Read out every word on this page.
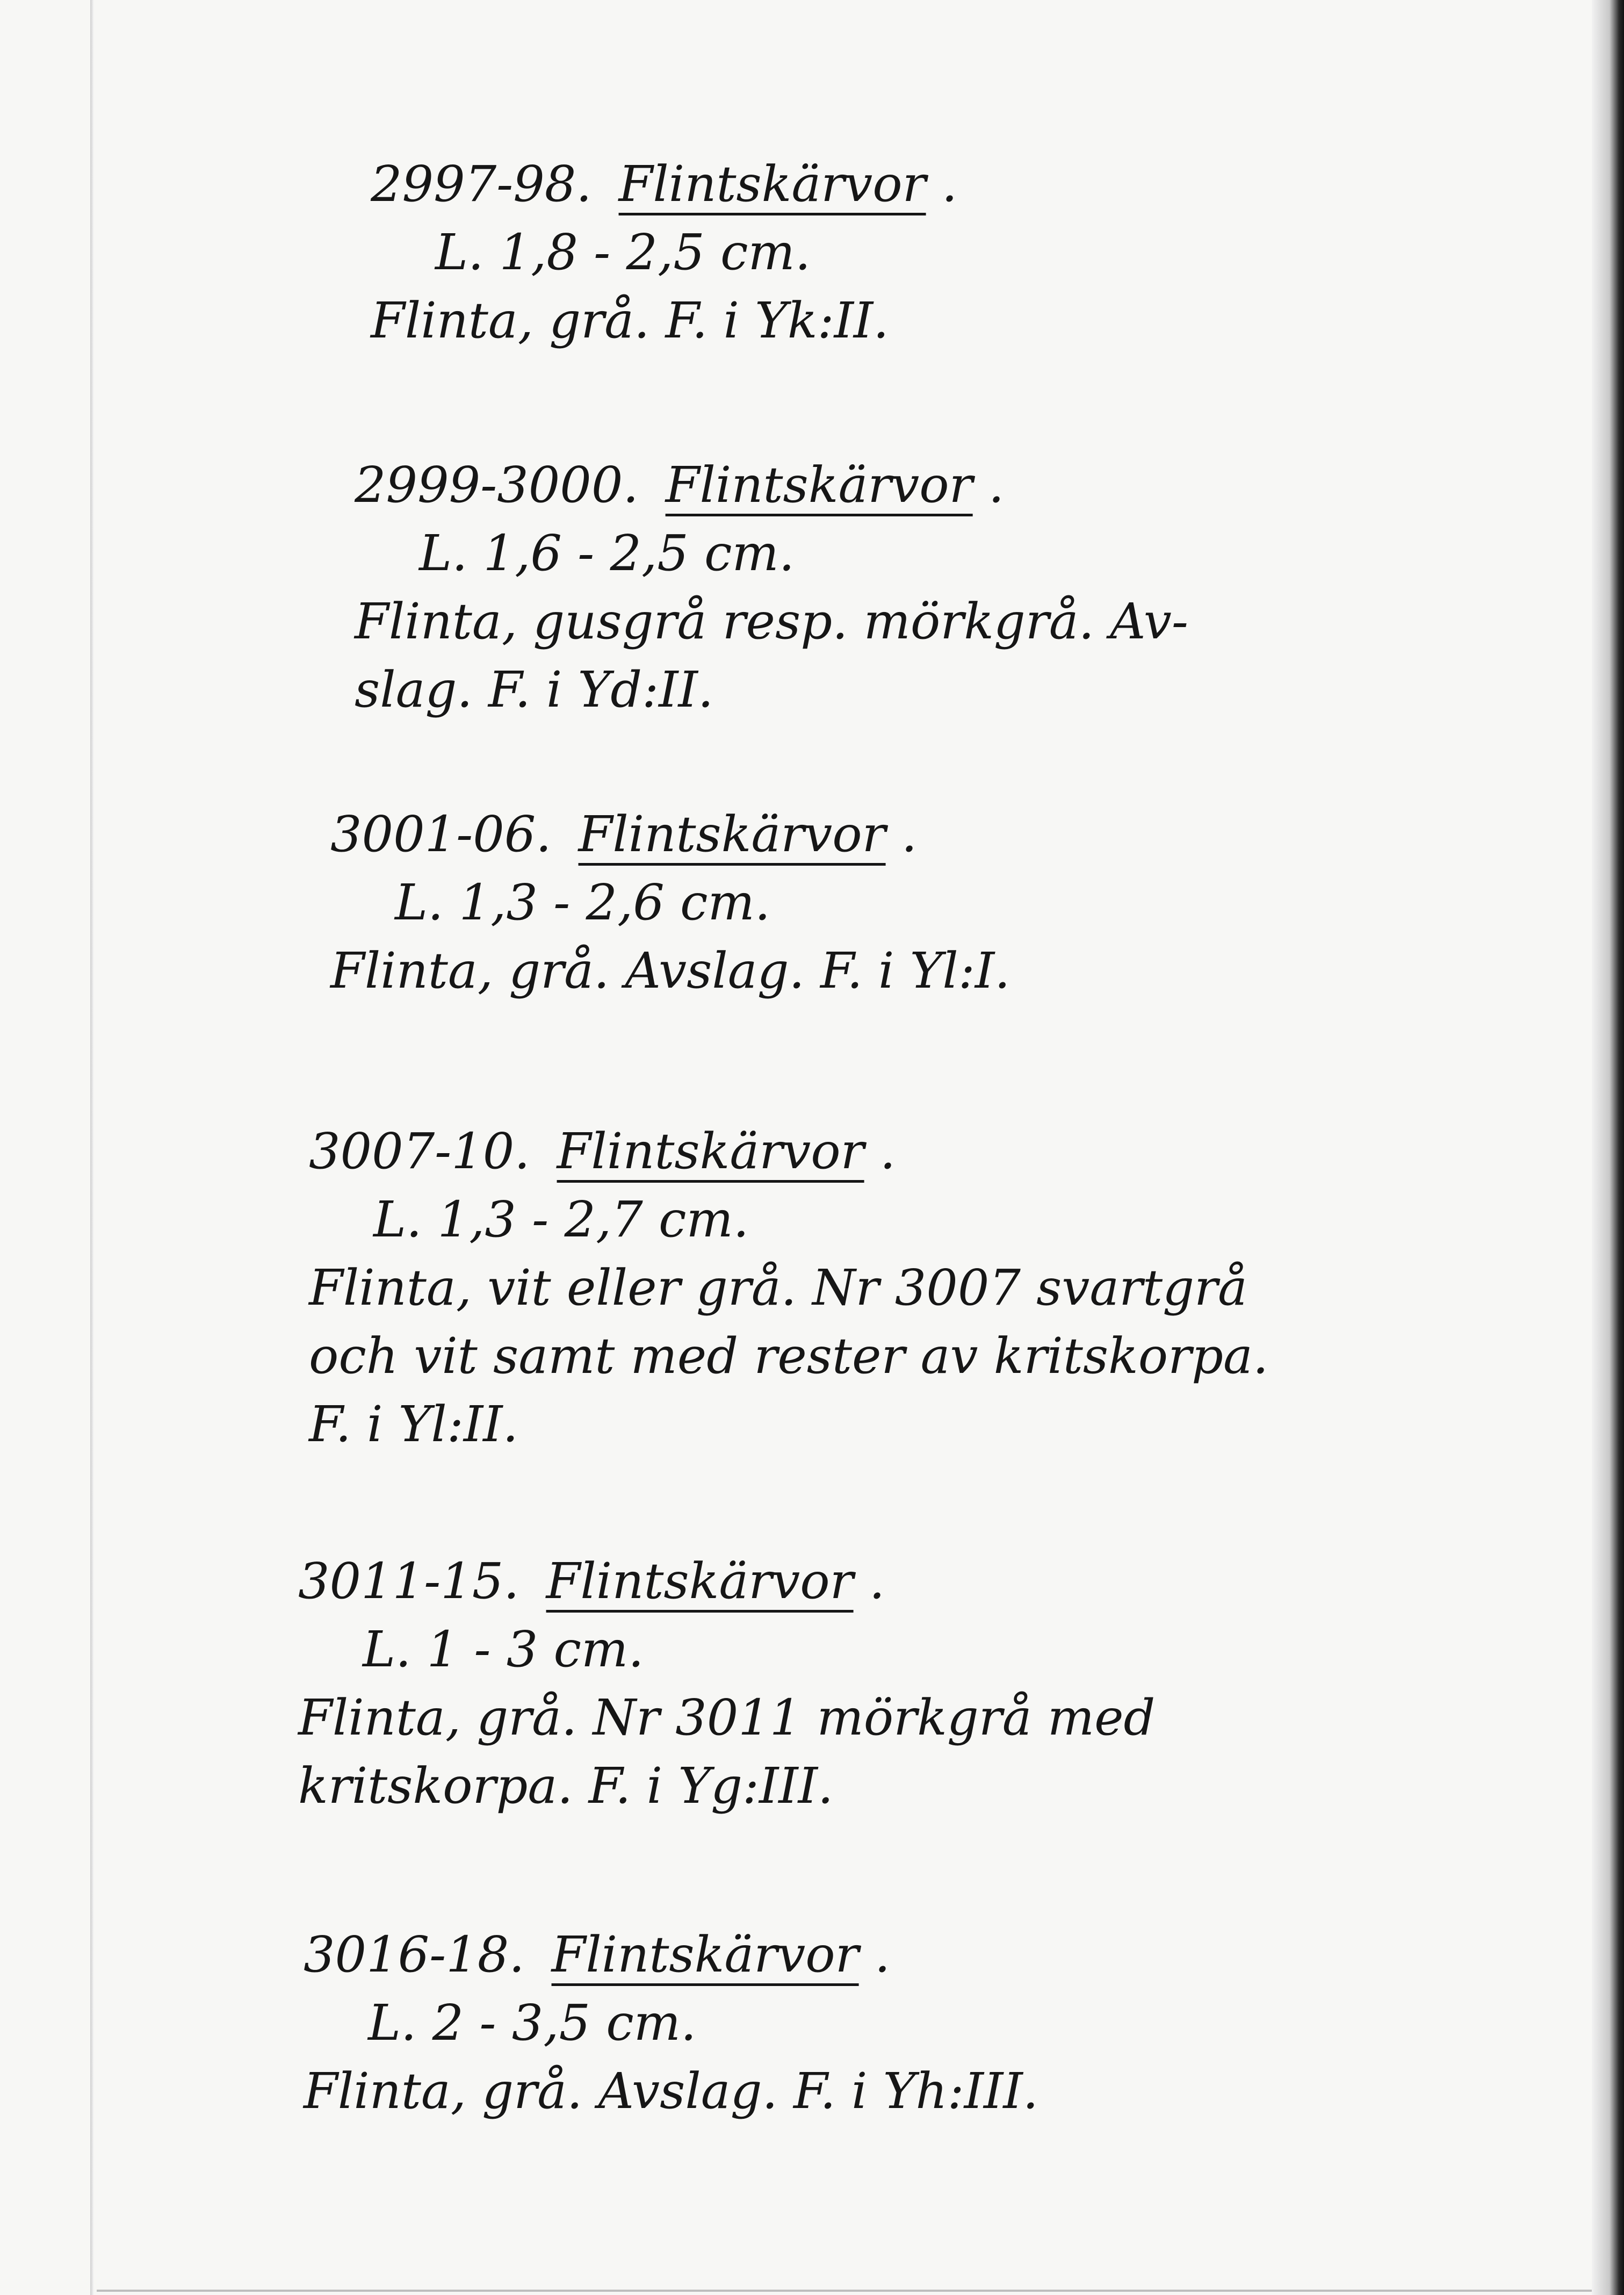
2997-98. Flintskärvor .
L. 1,8 - 2,5 cm.
Flinta, grå. F. i Yk:II.
2999-3000. Flintskärvor .
L. 1,6 - 2,5 cm.
Flinta, gusgrå resp. mörkgrå. Av-
slag. F. i Yd:II.
3001-06. Flintskärvor .
L. 1,3 - 2,6 cm.
Flinta, grå. Avslag. F. i Yl:I.
3007-10. Flintskärvor .
L. 1,3 - 2,7 cm.
Flinta, vit eller grå. Nr 3007 svartgrå
och vit samt med rester av kritskorpa.
F. i Yl:II.
3011-15. Flintskärvor .
L. 1 - 3 cm.
Flinta, grå. Nr 3011 mörkgrå med
kritskorpa. F. i Yg:III.
3016-18. Flintskärvor .
L. 2 - 3,5 cm.
Flinta, grå. Avslag. F. i Yh:III.
